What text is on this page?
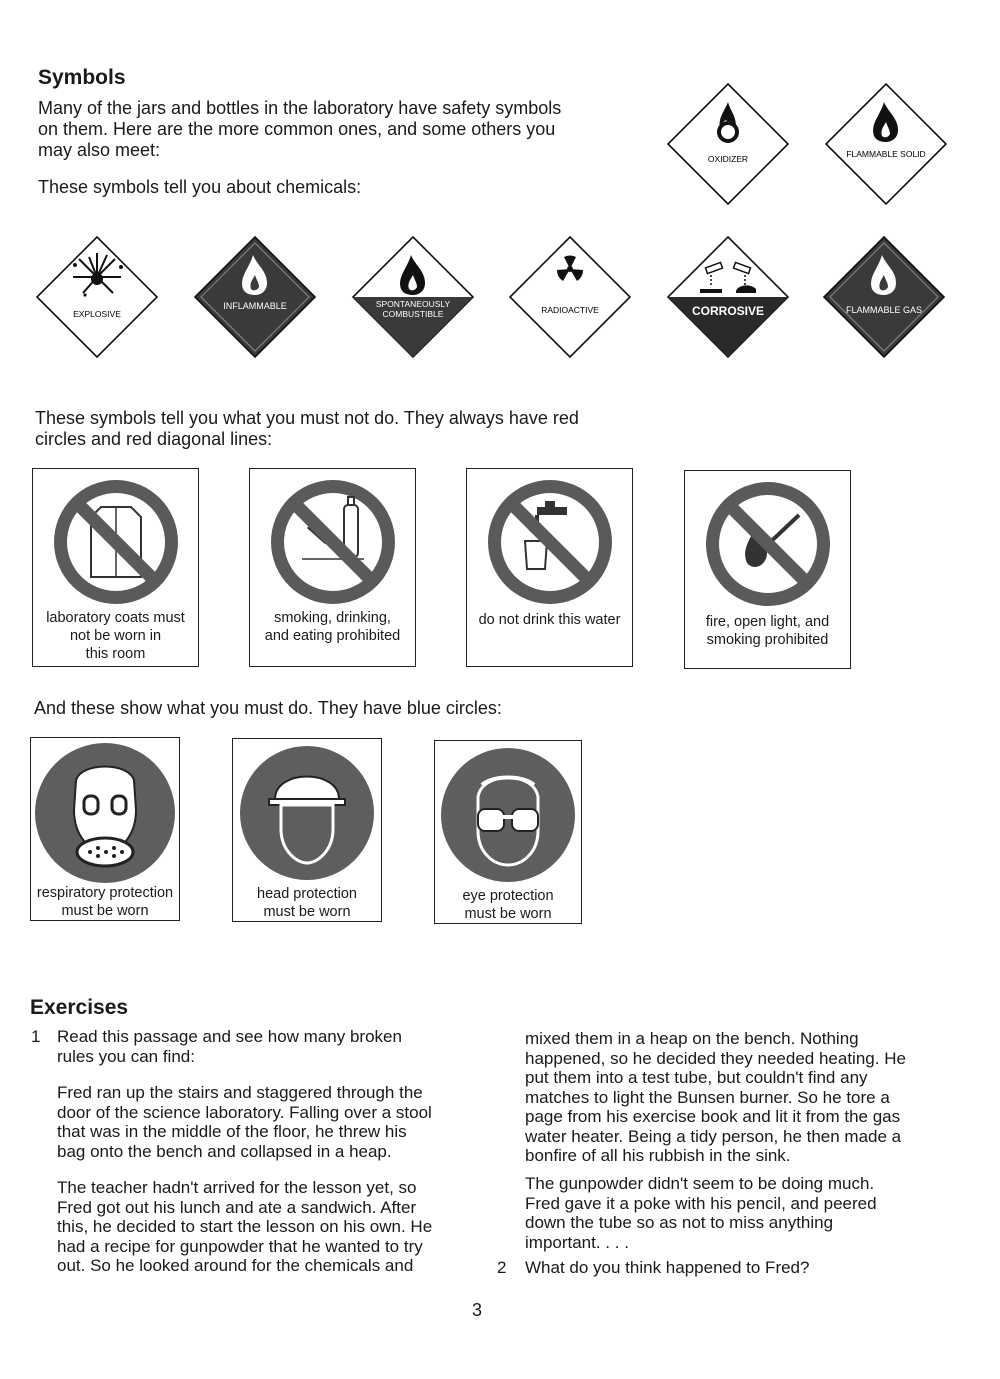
Symbols
Many of the jars and bottles in the laboratory have safety symbols
on them. Here are the more common ones, and some others you
may also meet:
These symbols tell you about chemicals:
OXIDIZER	FLAMMABLE SOLID
EXPLOSIVE
INFLAMMABLE	SPONTANEOUSLY
COMBUSTIBLE	RADIOACTIVE	CORROSIVE	FLAMMABLE GAS
These symbols tell you what you must not do. They always have red
circles and red diagonal lines:
laboratory coats must
not be worn in
this room
smoking, drinking,
and eating prohibited
do not drink this water	fire, open light, and
smoking prohibited
And these show what you must do. They have blue circles:
respiratory protection
must be worn
head protection
must be worn
eye protection
must be worn
Exercises
1 Read this passage and see how many broken
rules you can find:
Fred ran up the stairs and staggered through the
door of the science laboratory. Falling over a stool
that was in the middle of the floor, he threw his
bag onto the bench and collapsed in a heap.
The teacher hadn't arrived for the lesson yet, so
Fred got out his lunch and ate a sandwich. After
this, he decided to start the lesson on his own. He
had a recipe for gunpowder that he wanted to try
out. So he looked around for the chemicals and
mixed them in a heap on the bench. Nothing
happened, so he decided they needed heating. He
put them into a test tube, but couldn't find any
matches to light the Bunsen burner. So he tore a
page from his exercise book and lit it from the gas
water heater. Being a tidy person, he then made a
bonfire of all his rubbish in the sink.
The gunpowder didn't seem to be doing much.
Fred gave it a poke with his pencil, and peered
down the tube so as not to miss anything
important. . . .
2 What do you think happened to Fred?
3
